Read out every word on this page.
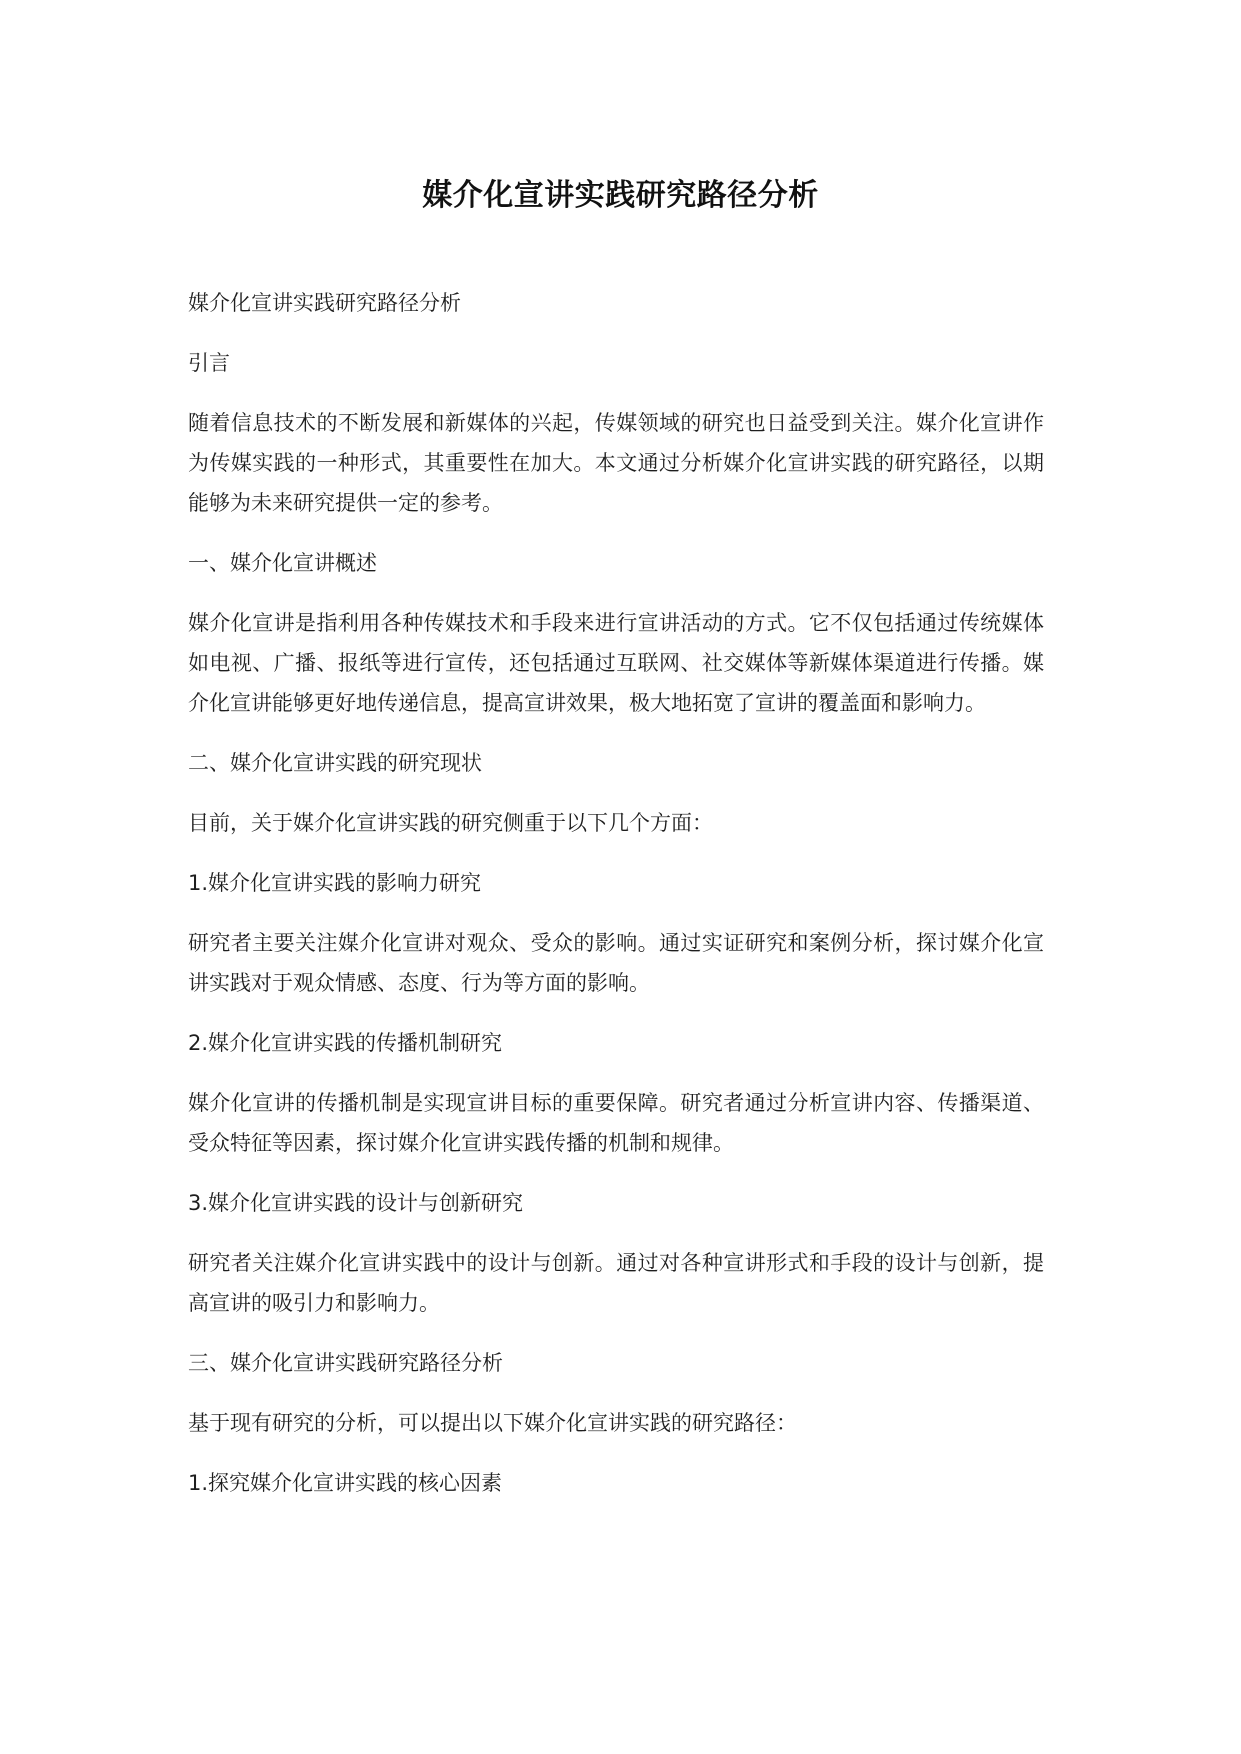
媒介化宣讲实践研究路径分析

媒介化宣讲实践研究路径分析

引言

随着信息技术的不断发展和新媒体的兴起，传媒领域的研究也日益受到关注。媒介化宣讲作为传媒实践的一种形式，其重要性在加大。本文通过分析媒介化宣讲实践的研究路径，以期能够为未来研究提供一定的参考。

一、媒介化宣讲概述

媒介化宣讲是指利用各种传媒技术和手段来进行宣讲活动的方式。它不仅包括通过传统媒体如电视、广播、报纸等进行宣传，还包括通过互联网、社交媒体等新媒体渠道进行传播。媒介化宣讲能够更好地传递信息，提高宣讲效果，极大地拓宽了宣讲的覆盖面和影响力。

二、媒介化宣讲实践的研究现状

目前，关于媒介化宣讲实践的研究侧重于以下几个方面：

1.媒介化宣讲实践的影响力研究

研究者主要关注媒介化宣讲对观众、受众的影响。通过实证研究和案例分析，探讨媒介化宣讲实践对于观众情感、态度、行为等方面的影响。

2.媒介化宣讲实践的传播机制研究

媒介化宣讲的传播机制是实现宣讲目标的重要保障。研究者通过分析宣讲内容、传播渠道、受众特征等因素，探讨媒介化宣讲实践传播的机制和规律。

3.媒介化宣讲实践的设计与创新研究

研究者关注媒介化宣讲实践中的设计与创新。通过对各种宣讲形式和手段的设计与创新，提高宣讲的吸引力和影响力。

三、媒介化宣讲实践研究路径分析

基于现有研究的分析，可以提出以下媒介化宣讲实践的研究路径：

1.探究媒介化宣讲实践的核心因素
